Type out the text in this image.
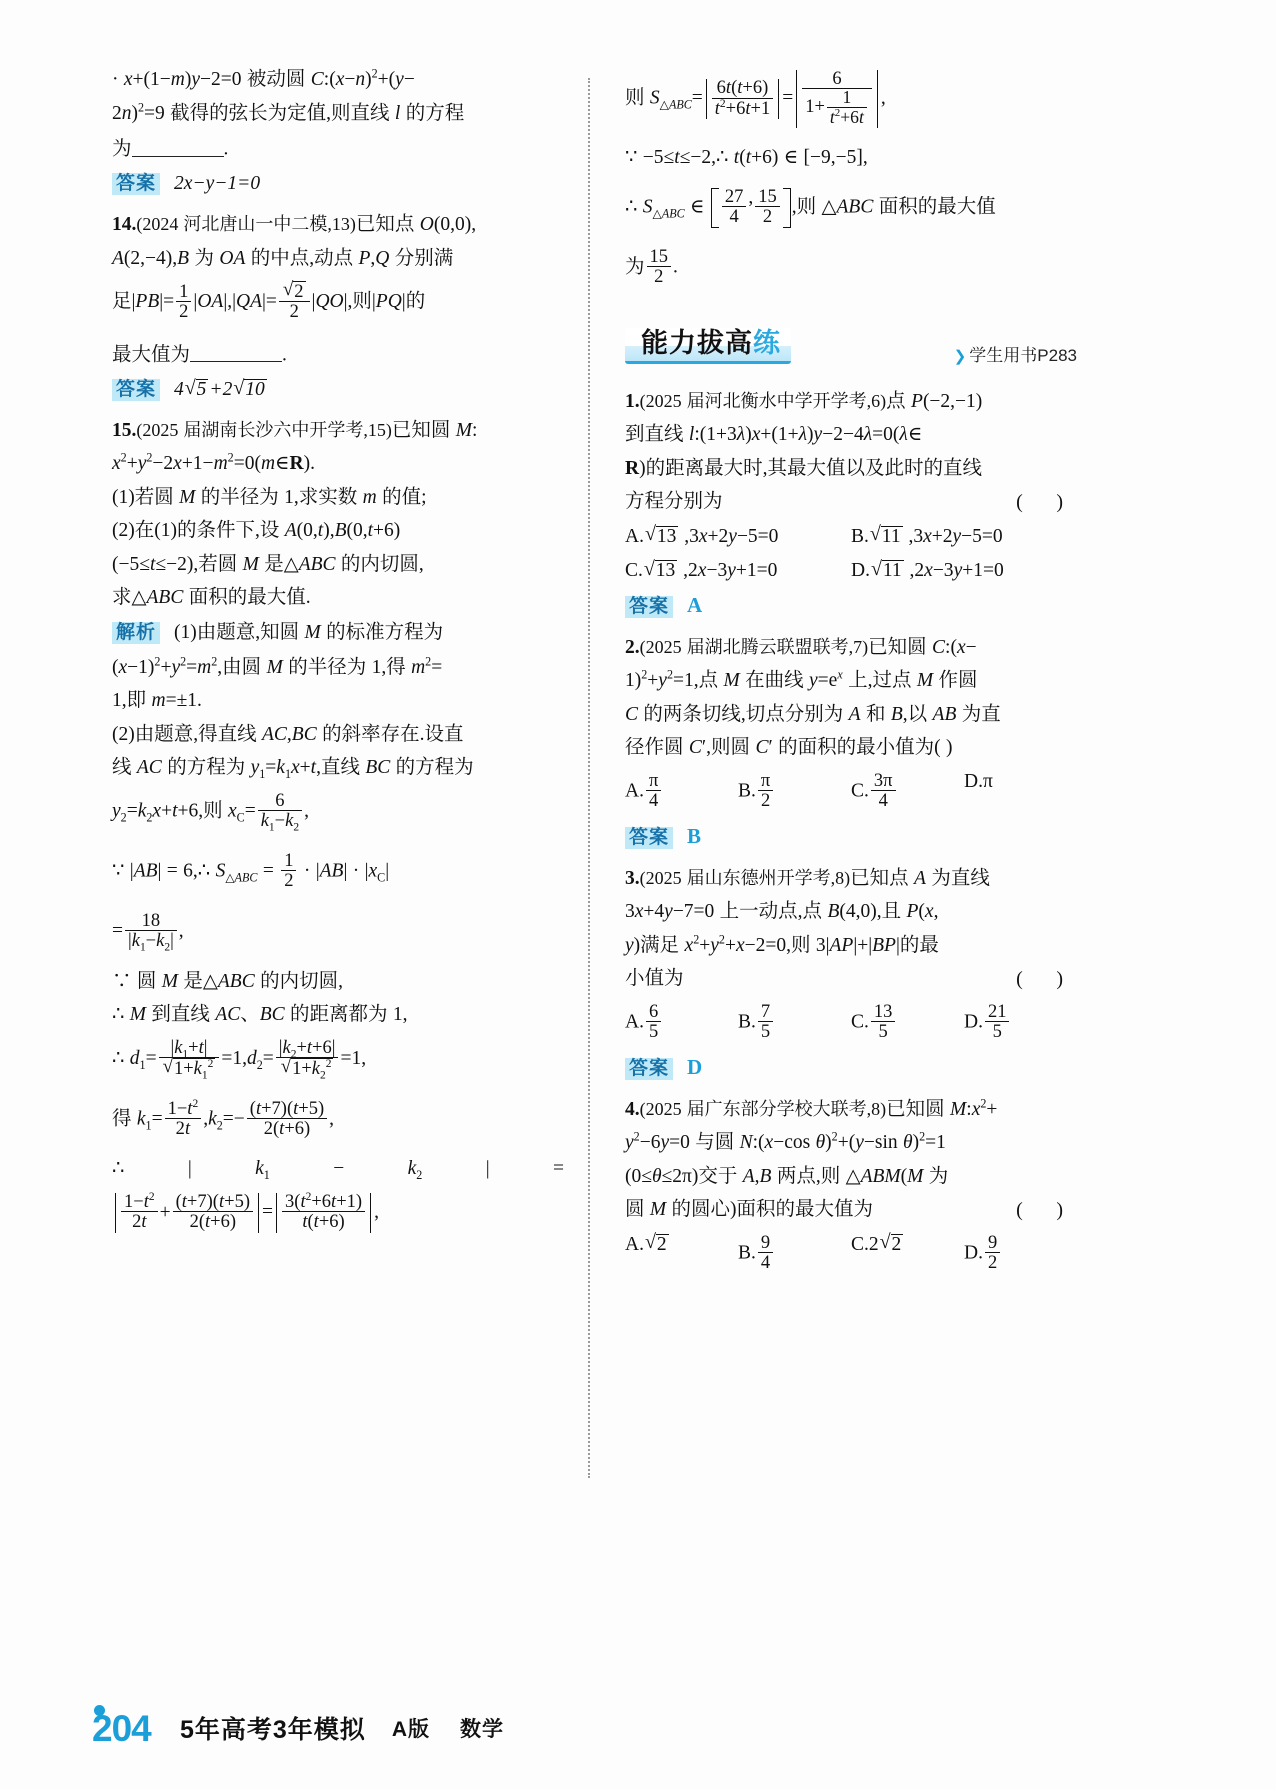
· x+(1−m)y−2=0 被动圆 $C:(x-n)^2+(y-$
2n)$^2$=9 截得的弦长为定值,则直线 l 的方程
为	.
答案 2x−y−1=0
14.(2024 河北唐山一中二模,13)已知点 O(0,0),
A(2,−4),B 为 OA 的中点,动点 P,Q 分别满
足$|PB|= \frac{1}{2} |OA|,|QA|=$ √ $\frac{2}{2} |QO|$,则|PQ|的
最大值为	.
答案 4 √ 5 +2 √ 10
15.(2025 届湖南长沙六中开学考,15)已知圆 M:
$x^2+y^2-2x+1-m^2=0(m\in R)$.
(1)若圆 M 的半径为 1,求实数 m 的值;
(2)在(1)的条件下,设 A(0,t),B(0,t+6)
(−5≤t≤−2),若圆 M 是△ABC 的内切圆,
求△ABC 面积的最大值.
解析 (1)由题意,知圆 M 的标准方程为
$(x-1)^2+y^2=m^2$,由圆 M 的半径为 1,得 $m^2=$
1,即 m=±1.
(2)由题意,得直线 AC,BC 的斜率存在.设直
线 AC 的方程为 $y_1=k_1x+t$,直线 BC 的方程为
$y_2=k_2x+t+6$,则 $x_C= \frac{6}{k_1-k_2}$ ,
∵ |AB| = 6,∴ $S_{\triangle ABC} = \frac{1}{2} \cdot |AB| \cdot |x_C|$
= $\frac{18}{|k_1-k_2|}$ ,
∵ 圆 M 是△ABC 的内切圆,
∴ M 到直线 AC、BC 的距离都为 1,
∴ $d_1= |k_1+t|$
√ $1+k_1^2 =1,d_2= |k_2+t+6|$
√ $1+k_2^2 =1$,
得 $k_1= \frac{1-t^2}{2t} ,k_2=- \frac{(t+7)(t+5)}{2(t+6)}$ ,
∴	|	$k_1$	−	$k_2$	|	=
$\frac{1-t^2}{2t} + \frac{(t+7)(t+5)}{2(t+6)} = \frac{3(t^2+6t+1)}{t(t+6)}$ ,
则 $S_{\triangle ABC}= \frac{6t(t+6)}{t^2+6t+1} = \frac{6}{1+ \frac{1}{t^2+6t}}$ ,
∵ −5≤t≤−2,∴ t(t+6) ∈ [−9,−5],
∴ $S_{\triangle ABC}$ ∈ $\frac{27}{4}$ , $\frac{15}{2}$ ,则 △ABC 面积的最大值
为 $\frac{15}{2}$ .
能力拔高练	❯ 学生用书P283
1.(2025 届河北衡水中学开学考,6)点 P(−2,−1)
到直线 l:(1+3λ)x+(1+λ)y−2−4λ=0(λ∈
R)的距离最大时,其最大值以及此时的直线
方程分别为	( )
A. √ 13 ,3x+2y−5=0	B. √ 11 ,3x+2y−5=0
C. √ 13 ,2x−3y+1=0	D. √ 11 ,2x−3y+1=0
答案 A
2.(2025 届湖北腾云联盟联考,7)已知圆 C:(x−
$1)^2+y^2=1$,点 M 在曲线 $y=e^x$ 上,过点 M 作圆
C 的两条切线,切点分别为 A 和 B,以 AB 为直
径作圆 C′,则圆 C′ 的面积的最小值为( )
A. $\frac{\pi}{4}$	B. $\frac{\pi}{2}$	C. $\frac{3\pi}{4}$	D.π
答案 B
3.(2025 届山东德州开学考,8)已知点 A 为直线
3x+4y−7=0 上一动点,点 B(4,0),且 P(x,
y)满足 $x^2+y^2+x-2=0$,则 3|AP|+|BP|的最
小值为	( )
A. $\frac{6}{5}$	B. $\frac{7}{5}$	C. $\frac{13}{5}$	D. $\frac{21}{5}$
答案 D
4.(2025 届广东部分学校大联考,8)已知圆 $M:x^2+$
$y^2-6y=0$ 与圆 N:(x−cos θ)$^2$+(y−sin θ)$^2$=1
(0≤θ≤2π)交于 A,B 两点,则 △ABM(M 为
圆 M 的圆心)面积的最大值为	( )
A. √ 2	B. $\frac{9}{4}$	C.2 √ 2	D. $\frac{9}{2}$
204 5年高考3年模拟 A版 数学
